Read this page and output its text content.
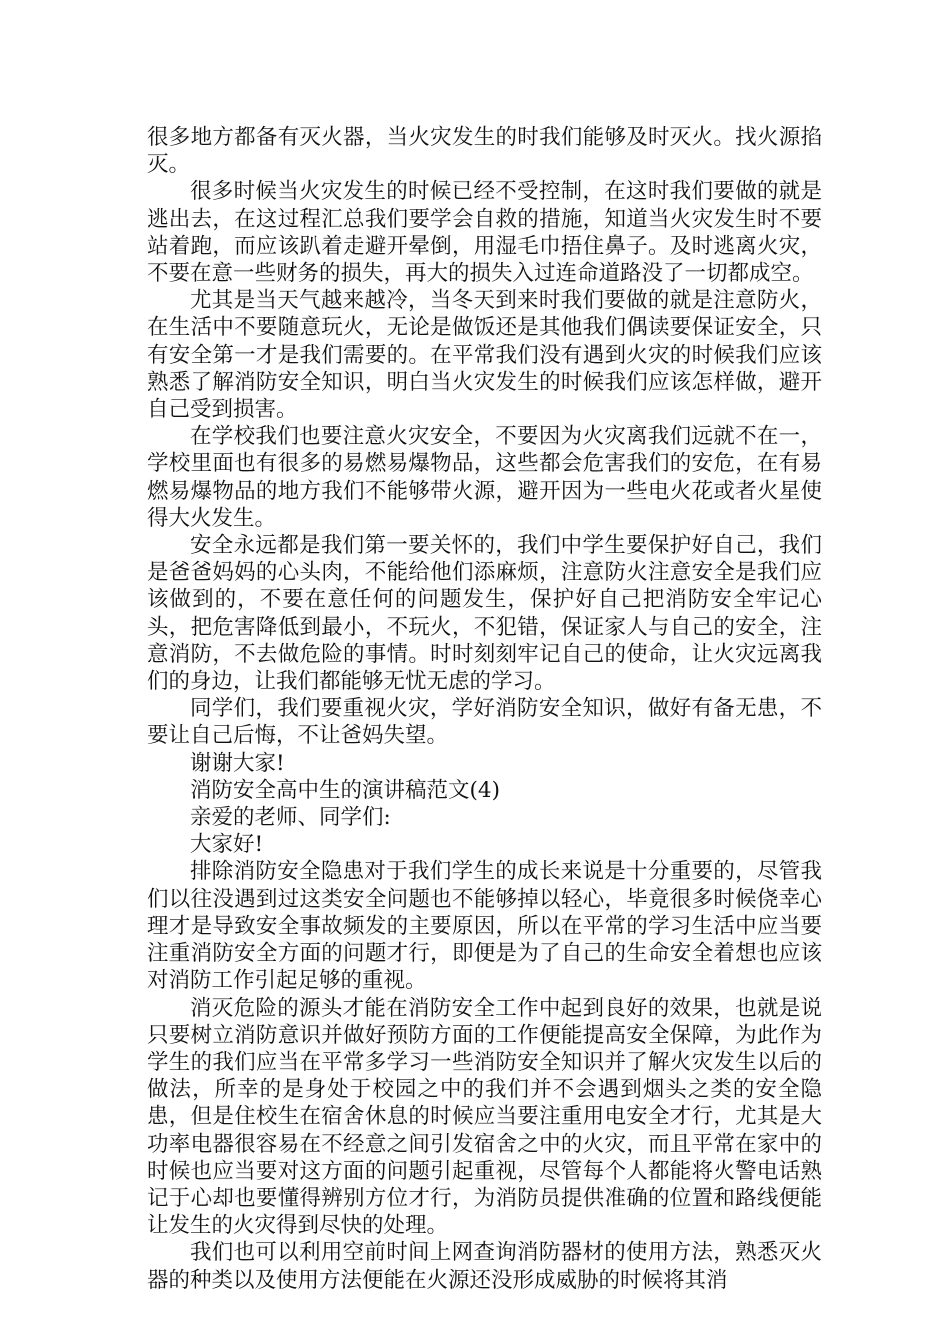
很多地方都备有灭火器，当火灾发生的时我们能够及时灭火。找火源掐灭。

很多时候当火灾发生的时候已经不受控制，在这时我们要做的就是逃出去，在这过程汇总我们要学会自救的措施，知道当火灾发生时不要站着跑，而应该趴着走避开晕倒，用湿毛巾捂住鼻子。及时逃离火灾，不要在意一些财务的损失，再大的损失入过连命道路没了一切都成空。

尤其是当天气越来越冷，当冬天到来时我们要做的就是注意防火，在生活中不要随意玩火，无论是做饭还是其他我们偶读要保证安全，只有安全第一才是我们需要的。在平常我们没有遇到火灾的时候我们应该熟悉了解消防安全知识，明白当火灾发生的时候我们应该怎样做，避开自己受到损害。

在学校我们也要注意火灾安全，不要因为火灾离我们远就不在一，学校里面也有很多的易燃易爆物品，这些都会危害我们的安危，在有易燃易爆物品的地方我们不能够带火源，避开因为一些电火花或者火星使得大火发生。

安全永远都是我们第一要关怀的，我们中学生要保护好自己，我们是爸爸妈妈的心头肉，不能给他们添麻烦，注意防火注意安全是我们应该做到的，不要在意任何的问题发生，保护好自己把消防安全牢记心头，把危害降低到最小，不玩火，不犯错，保证家人与自己的安全，注意消防，不去做危险的事情。时时刻刻牢记自己的使命，让火灾远离我们的身边，让我们都能够无忧无虑的学习。

同学们，我们要重视火灾，学好消防安全知识，做好有备无患，不要让自己后悔，不让爸妈失望。

谢谢大家!

消防安全高中生的演讲稿范文(4)

亲爱的老师、同学们:

大家好!

排除消防安全隐患对于我们学生的成长来说是十分重要的，尽管我们以往没遇到过这类安全问题也不能够掉以轻心，毕竟很多时候侥幸心理才是导致安全事故频发的主要原因，所以在平常的学习生活中应当要注重消防安全方面的问题才行，即便是为了自己的生命安全着想也应该对消防工作引起足够的重视。

消灭危险的源头才能在消防安全工作中起到良好的效果，也就是说只要树立消防意识并做好预防方面的工作便能提高安全保障，为此作为学生的我们应当在平常多学习一些消防安全知识并了解火灾发生以后的做法，所幸的是身处于校园之中的我们并不会遇到烟头之类的安全隐患，但是住校生在宿舍休息的时候应当要注重用电安全才行，尤其是大功率电器很容易在不经意之间引发宿舍之中的火灾，而且平常在家中的时候也应当要对这方面的问题引起重视，尽管每个人都能将火警电话熟记于心却也要懂得辨别方位才行，为消防员提供准确的位置和路线便能让发生的火灾得到尽快的处理。

我们也可以利用空前时间上网查询消防器材的使用方法，熟悉灭火器的种类以及使用方法便能在火源还没形成威胁的时候将其消
